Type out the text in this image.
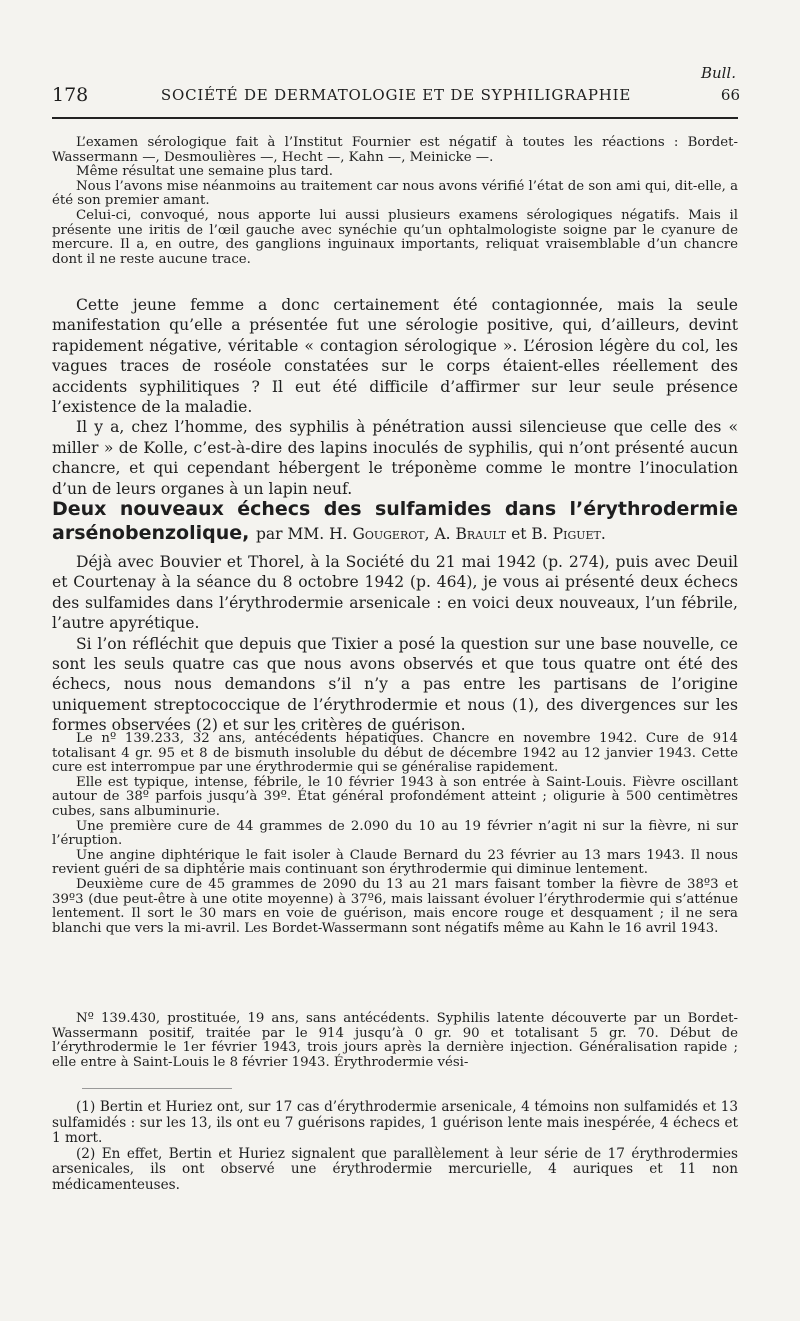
Bull.
178	SOCIÉTÉ DE DERMATOLOGIE ET DE SYPHILIGRAPHIE	66

L’examen sérologique fait à l’Institut Fournier est négatif à toutes les réactions : Bordet-Wassermann —, Desmoulières —, Hecht —, Kahn —, Meinicke —.

Même résultat une semaine plus tard.

Nous l’avons mise néanmoins au traitement car nous avons vérifié l’état de son ami qui, dit-elle, a été son premier amant.

Celui-ci, convoqué, nous apporte lui aussi plusieurs examens sérologiques négatifs. Mais il présente une iritis de l’œil gauche avec synéchie qu’un ophtalmologiste soigne par le cyanure de mercure. Il a, en outre, des ganglions inguinaux importants, reliquat vraisemblable d’un chancre dont il ne reste aucune trace.

Cette jeune femme a donc certainement été contagionnée, mais la seule manifestation qu’elle a présentée fut une sérologie positive, qui, d’ailleurs, devint rapidement négative, véritable « contagion sérologique ». L’érosion légère du col, les vagues traces de roséole constatées sur le corps étaient-elles réellement des accidents syphilitiques ? Il eut été difficile d’affirmer sur leur seule présence l’existence de la maladie.

Il y a, chez l’homme, des syphilis à pénétration aussi silencieuse que celle des « miller » de Kolle, c’est-à-dire des lapins inoculés de syphilis, qui n’ont présenté aucun chancre, et qui cependant hébergent le tréponème comme le montre l’inoculation d’un de leurs organes à un lapin neuf.

Deux nouveaux échecs des sulfamides dans l’érythrodermie arsénobenzolique, par MM. H. Gougerot, A. Brault et B. Piguet.

Déjà avec Bouvier et Thorel, à la Société du 21 mai 1942 (p. 274), puis avec Deuil et Courtenay à la séance du 8 octobre 1942 (p. 464), je vous ai présenté deux échecs des sulfamides dans l’érythrodermie arsenicale : en voici deux nouveaux, l’un fébrile, l’autre apyrétique.

Si l’on réfléchit que depuis que Tixier a posé la question sur une base nouvelle, ce sont les seuls quatre cas que nous avons observés et que tous quatre ont été des échecs, nous nous demandons s’il n’y a pas entre les partisans de l’origine uniquement streptococcique de l’érythrodermie et nous (1), des divergences sur les formes observées (2) et sur les critères de guérison.

Le nº 139.233, 32 ans, antécédents hépatiques. Chancre en novembre 1942. Cure de 914 totalisant 4 gr. 95 et 8 de bismuth insoluble du début de décembre 1942 au 12 janvier 1943. Cette cure est interrompue par une érythrodermie qui se généralise rapidement.

Elle est typique, intense, fébrile, le 10 février 1943 à son entrée à Saint-Louis. Fièvre oscillant autour de 38º parfois jusqu’à 39º. État général profondément atteint ; oligurie à 500 centimètres cubes, sans albuminurie.

Une première cure de 44 grammes de 2.090 du 10 au 19 février n’agit ni sur la fièvre, ni sur l’éruption.

Une angine diphtérique le fait isoler à Claude Bernard du 23 février au 13 mars 1943. Il nous revient guéri de sa diphtérie mais continuant son érythrodermie qui diminue lentement.

Deuxième cure de 45 grammes de 2090 du 13 au 21 mars faisant tomber la fièvre de 38º3 et 39º3 (due peut-être à une otite moyenne) à 37º6, mais laissant évoluer l’érythrodermie qui s’atténue lentement. Il sort le 30 mars en voie de guérison, mais encore rouge et desquament ; il ne sera blanchi que vers la mi-avril. Les Bordet-Wassermann sont négatifs même au Kahn le 16 avril 1943.

Nº 139.430, prostituée, 19 ans, sans antécédents. Syphilis latente découverte par un Bordet-Wassermann positif, traitée par le 914 jusqu’à 0 gr. 90 et totalisant 5 gr. 70. Début de l’érythrodermie le 1er février 1943, trois jours après la dernière injection. Généralisation rapide ; elle entre à Saint-Louis le 8 février 1943. Érythrodermie vési-

(1) Bertin et Huriez ont, sur 17 cas d’érythrodermie arsenicale, 4 témoins non sulfamidés et 13 sulfamidés : sur les 13, ils ont eu 7 guérisons rapides, 1 guérison lente mais inespérée, 4 échecs et 1 mort.

(2) En effet, Bertin et Huriez signalent que parallèlement à leur série de 17 érythrodermies arsenicales, ils ont observé une érythrodermie mercurielle, 4 auriques et 11 non médicamenteuses.
